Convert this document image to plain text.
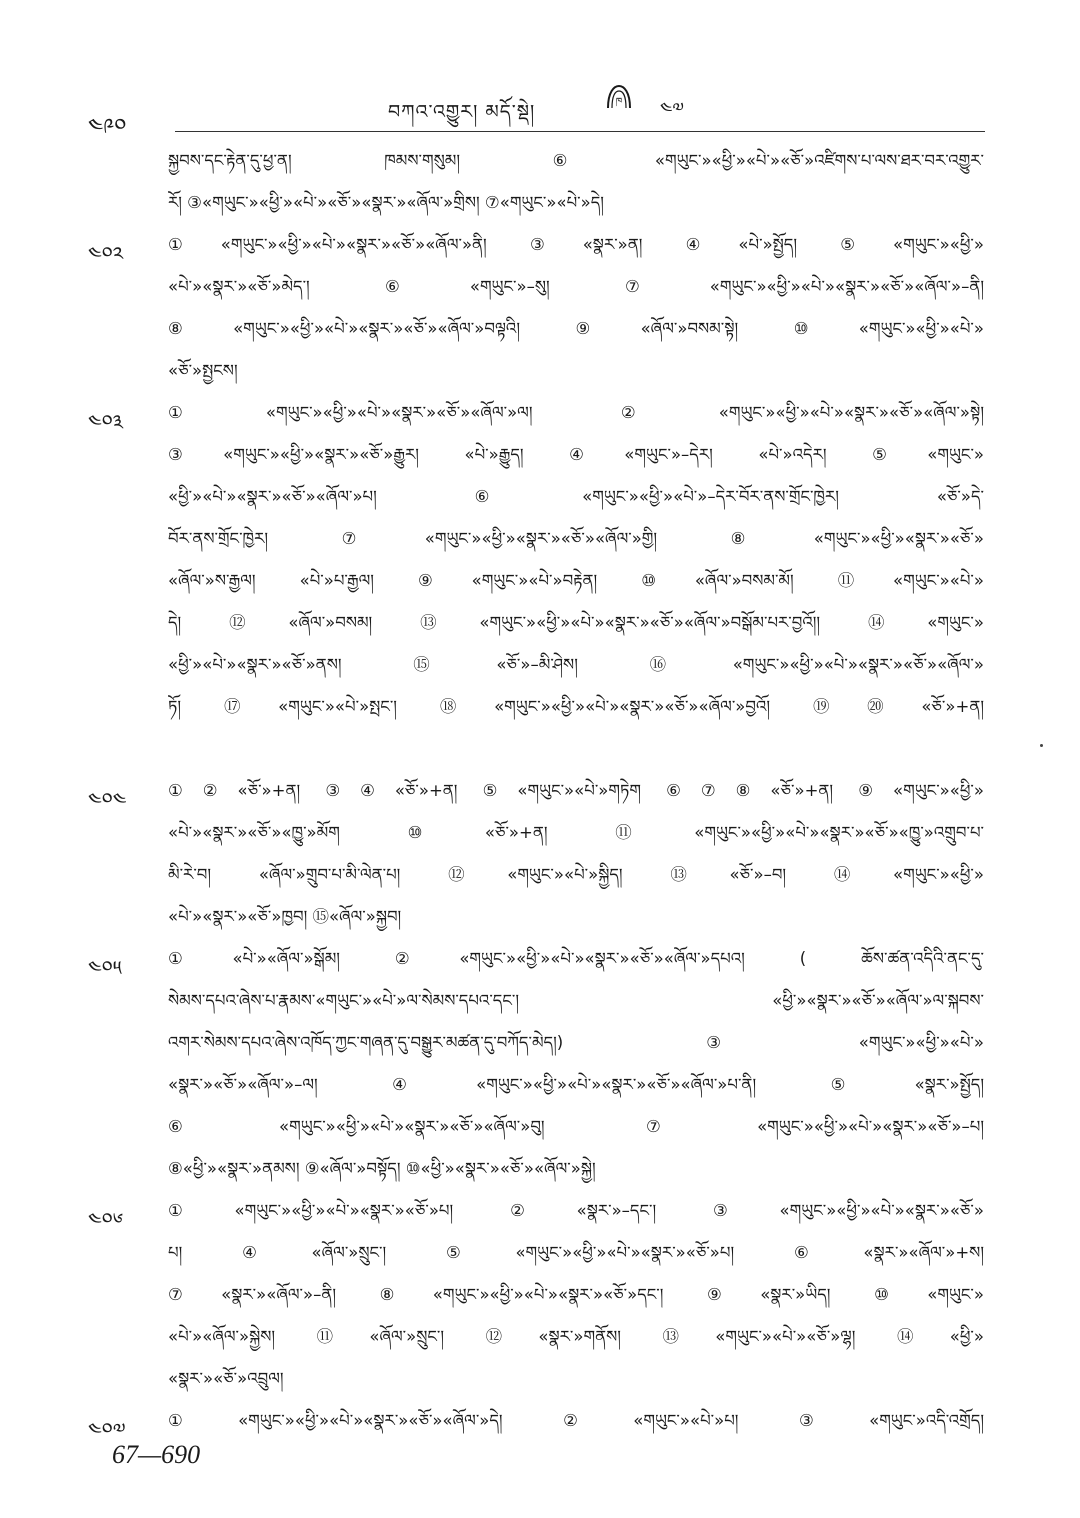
༤༩༠
བཀའ་འགྱུར། མདོ་སྡེ།	ཁ ༤༧
སྐྱབས་དང་རྟེན་དུ་ཕྱ་ན། ཁམས་གསུམ། ⑥«གཡུང་»«ཕྱི་»«པེ་»«ཅོ་»འཛིགས་པ་ལས་ཐར་བར་འགྱུར་
རོ། ③«གཡུང་»«ཕྱི་»«པེ་»«ཅོ་»«སྣར་»«ཞོལ་»གྲིས། ⑦«གཡུང་»«པེ་»དེ།
༤༠༢	①«གཡུང་»«ཕྱི་»«པེ་»«སྣར་»«ཅོ་»«ཞོལ་»ནི། ③«སྣར་»ན། ④«པེ་»སྤྱོད། ⑤«གཡུང་»«ཕྱི་»
«པེ་»«སྣར་»«ཅོ་»མེད་། ⑥«གཡུང་»–སུ། ⑦«གཡུང་»«ཕྱི་»«པེ་»«སྣར་»«ཅོ་»«ཞོལ་»–ནི།
⑧«གཡུང་»«ཕྱི་»«པེ་»«སྣར་»«ཅོ་»«ཞོལ་»བལྟའི། ⑨«ཞོལ་»བསམ་སྟེ། ⑩«གཡུང་»«ཕྱི་»«པེ་»
«ཅོ་»སྤྱངས།
༤༠༣	①«གཡུང་»«ཕྱི་»«པེ་»«སྣར་»«ཅོ་»«ཞོལ་»ལ། ②«གཡུང་»«ཕྱི་»«པེ་»«སྣར་»«ཅོ་»«ཞོལ་»སྟེ།
③«གཡུང་»«ཕྱི་»«སྣར་»«ཅོ་»རྒྱུར། «པེ་»རྒྱུད། ④«གཡུང་»–དེར། «པེ་»འདེར། ⑤«གཡུང་»
«ཕྱི་»«པེ་»«སྣར་»«ཅོ་»«ཞོལ་»པ། ⑥«གཡུང་»«ཕྱི་»«པེ་»–དེར་བོར་ནས་གྲོང་ཁྱེར། «ཅོ་»དེ་
བོར་ནས་གྲོང་ཁྱེར། ⑦«གཡུང་»«ཕྱི་»«སྣར་»«ཅོ་»«ཞོལ་»གྱི། ⑧«གཡུང་»«ཕྱི་»«སྣར་»«ཅོ་»
«ཞོལ་»ས་རྒྱལ། «པེ་»པ་རྒྱལ། ⑨«གཡུང་»«པེ་»བརྟེན། ⑩«ཞོལ་»བསམ་མོ། ⑪«གཡུང་»«པེ་»
དེ། ⑫«ཞོལ་»བསམ། ⑬«གཡུང་»«ཕྱི་»«པེ་»«སྣར་»«ཅོ་»«ཞོལ་»བསྒོམ་པར་བྱའོ།། ⑭«གཡུང་»
«ཕྱི་»«པེ་»«སྣར་»«ཅོ་»ནས། ⑮«ཅོ་»–མི་ཤེས། ⑯«གཡུང་»«ཕྱི་»«པེ་»«སྣར་»«ཅོ་»«ཞོལ་»
ཏོ། ⑰«གཡུང་»«པེ་»སྤང་། ⑱«གཡུང་»«ཕྱི་»«པེ་»«སྣར་»«ཅོ་»«ཞོལ་»བྱའོ། ⑲⑳«ཅོ་»+ན།
༤༠༤	①②«ཅོ་»+ན། ③④«ཅོ་»+ན། ⑤«གཡུང་»«པེ་»གཏེག ⑥⑦⑧«ཅོ་»+ན། ⑨«གཡུང་»«ཕྱི་»
«པེ་»«སྣར་»«ཅོ་»«ཁྱུ་»མོག ⑩«ཅོ་»+ན། ⑪«གཡུང་»«ཕྱི་»«པེ་»«སྣར་»«ཅོ་»«ཁྱུ་»འགྲུབ་པ་
མི་རེ་བ། «ཞོལ་»གྲུབ་པ་མི་ལེན་པ། ⑫«གཡུང་»«པེ་»སྐྱིད། ⑬«ཅོ་»–བ། ⑭«གཡུང་»«ཕྱི་»
«པེ་»«སྣར་»«ཅོ་»ཁྱབ། ⑮«ཞོལ་»སྐྱབ།
༤༠༥	①«པེ་»«ཞོལ་»སྒོམ། ②«གཡུང་»«ཕྱི་»«པེ་»«སྣར་»«ཅོ་»«ཞོལ་»དཔའ། ( ཆོས་ཚན་འདིའི་ནང་དུ་
སེམས་དཔའ་ཞེས་པ་རྣམས་«གཡུང་»«པེ་»ལ་སེམས་དཔའ་དང་། «ཕྱི་»«སྣར་»«ཅོ་»«ཞོལ་»ལ་སྐབས་
འགར་སེམས་དཔའ་ཞེས་འཁོད་ཀྱང་གཞན་དུ་བསྒྱུར་མཚན་དུ་བཀོད་མེད།) ③«གཡུང་»«ཕྱི་»«པེ་»
«སྣར་»«ཅོ་»«ཞོལ་»–ལ། ④«གཡུང་»«ཕྱི་»«པེ་»«སྣར་»«ཅོ་»«ཞོལ་»པ་ནི། ⑤«སྣར་»སྤྱོད།
⑥«གཡུང་»«ཕྱི་»«པེ་»«སྣར་»«ཅོ་»«ཞོལ་»བུ། ⑦«གཡུང་»«ཕྱི་»«པེ་»«སྣར་»«ཅོ་»–པ།
⑧«ཕྱི་»«སྣར་»ནམས། ⑨«ཞོལ་»བསྟོད། ⑩«ཕྱི་»«སྣར་»«ཅོ་»«ཞོལ་»སྐྱེ།
༤༠༦	①«གཡུང་»«ཕྱི་»«པེ་»«སྣར་»«ཅོ་»པ། ②«སྣར་»–དང་། ③«གཡུང་»«ཕྱི་»«པེ་»«སྣར་»«ཅོ་»
པ། ④«ཞོལ་»སྲུང་། ⑤«གཡུང་»«ཕྱི་»«པེ་»«སྣར་»«ཅོ་»པ། ⑥«སྣར་»«ཞོལ་»+ས།
⑦«སྣར་»«ཞོལ་»–ནི། ⑧«གཡུང་»«ཕྱི་»«པེ་»«སྣར་»«ཅོ་»དང་། ⑨«སྣར་»ཡིད། ⑩«གཡུང་»
«པེ་»«ཞོལ་»སྐྱེས། ⑪«ཞོལ་»སྲུང་། ⑫«སྣར་»གནོས། ⑬«གཡུང་»«པེ་»«ཅོ་»ལྷ། ⑭«ཕྱི་»
«སྣར་»«ཅོ་»འབྲུལ།
༤༠༧	①«གཡུང་»«ཕྱི་»«པེ་»«སྣར་»«ཅོ་»«ཞོལ་»དེ། ②«གཡུང་»«པེ་»པ། ③«གཡུང་»འདི་འགྲོད།
67—690
